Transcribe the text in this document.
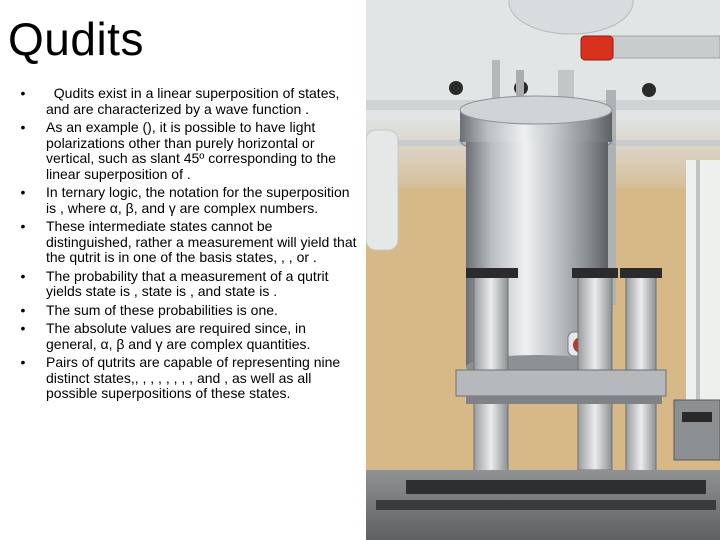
Qudits
• Qudits exist in a linear superposition of states, and are characterized by a wave function .
• As an example (), it is possible to have light polarizations other than purely horizontal or vertical, such as slant 45º corresponding to the linear superposition of .
• In ternary logic, the notation for the superposition is , where α, β, and γ are complex numbers.
• These intermediate states cannot be distinguished, rather a measurement will yield that the qutrit is in one of the basis states, , , or .
• The probability that a measurement of a qutrit yields state is , state is , and state is .
• The sum of these probabilities is one.
• The absolute values are required since, in general, α, β and γ are complex quantities.
• Pairs of qutrits are capable of representing nine distinct states,, , , , , , , , and , as well as all possible superpositions of these states.
